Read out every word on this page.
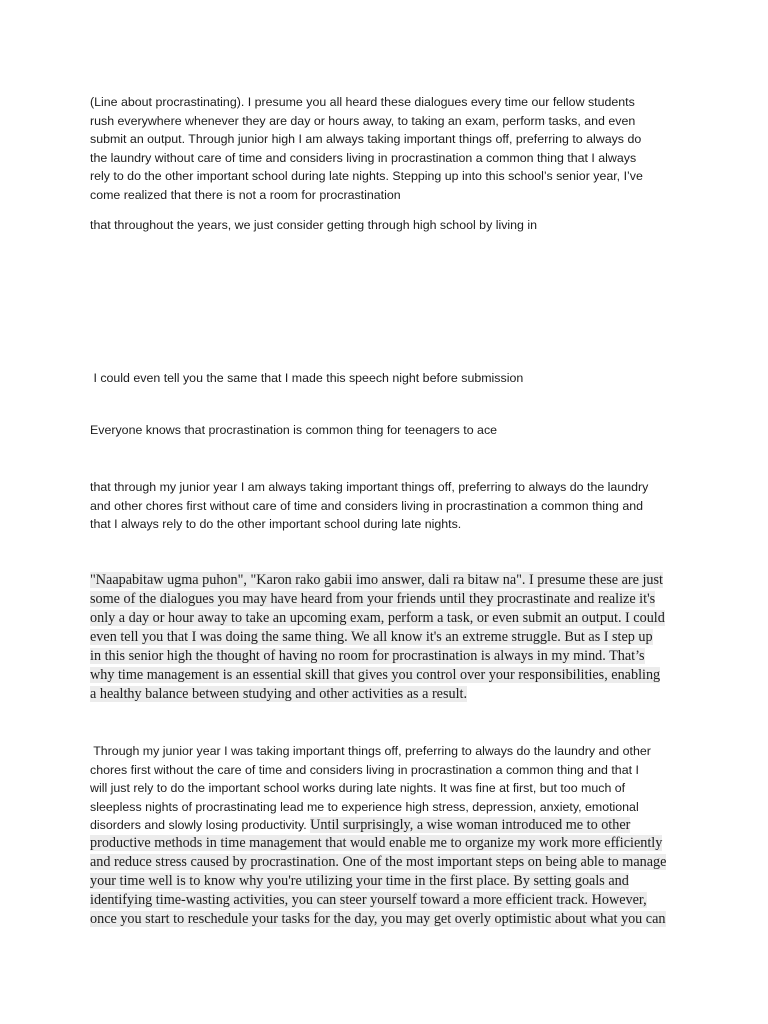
(Line about procrastinating). I presume you all heard these dialogues every time our fellow students
rush everywhere whenever they are day or hours away, to taking an exam, perform tasks, and even
submit an output. Through junior high I am always taking important things off, preferring to always do
the laundry without care of time and considers living in procrastination a common thing that I always
rely to do the other important school during late nights. Stepping up into this school’s senior year, I’ve
come realized that there is not a room for procrastination

that throughout the years, we just consider getting through high school by living in

I could even tell you the same that I made this speech night before submission

Everyone knows that procrastination is common thing for teenagers to ace

that through my junior year I am always taking important things off, preferring to always do the laundry
and other chores first without care of time and considers living in procrastination a common thing and
that I always rely to do the other important school during late nights.

"Naapabitaw ugma puhon", "Karon rako gabii imo answer, dali ra bitaw na". I presume these are just
some of the dialogues you may have heard from your friends until they procrastinate and realize it's
only a day or hour away to take an upcoming exam, perform a task, or even submit an output. I could
even tell you that I was doing the same thing. We all know it's an extreme struggle. But as I step up
in this senior high the thought of having no room for procrastination is always in my mind. That’s
why time management is an essential skill that gives you control over your responsibilities, enabling
a healthy balance between studying and other activities as a result.

Through my junior year I was taking important things off, preferring to always do the laundry and other
chores first without the care of time and considers living in procrastination a common thing and that I
will just rely to do the important school works during late nights. It was fine at first, but too much of
sleepless nights of procrastinating lead me to experience high stress, depression, anxiety, emotional
disorders and slowly losing productivity. Until surprisingly, a wise woman introduced me to other

productive methods in time management that would enable me to organize my work more efficiently
and reduce stress caused by procrastination. One of the most important steps on being able to manage
your time well is to know why you're utilizing your time in the first place. By setting goals and
identifying time-wasting activities, you can steer yourself toward a more efficient track. However,
once you start to reschedule your tasks for the day, you may get overly optimistic about what you can
